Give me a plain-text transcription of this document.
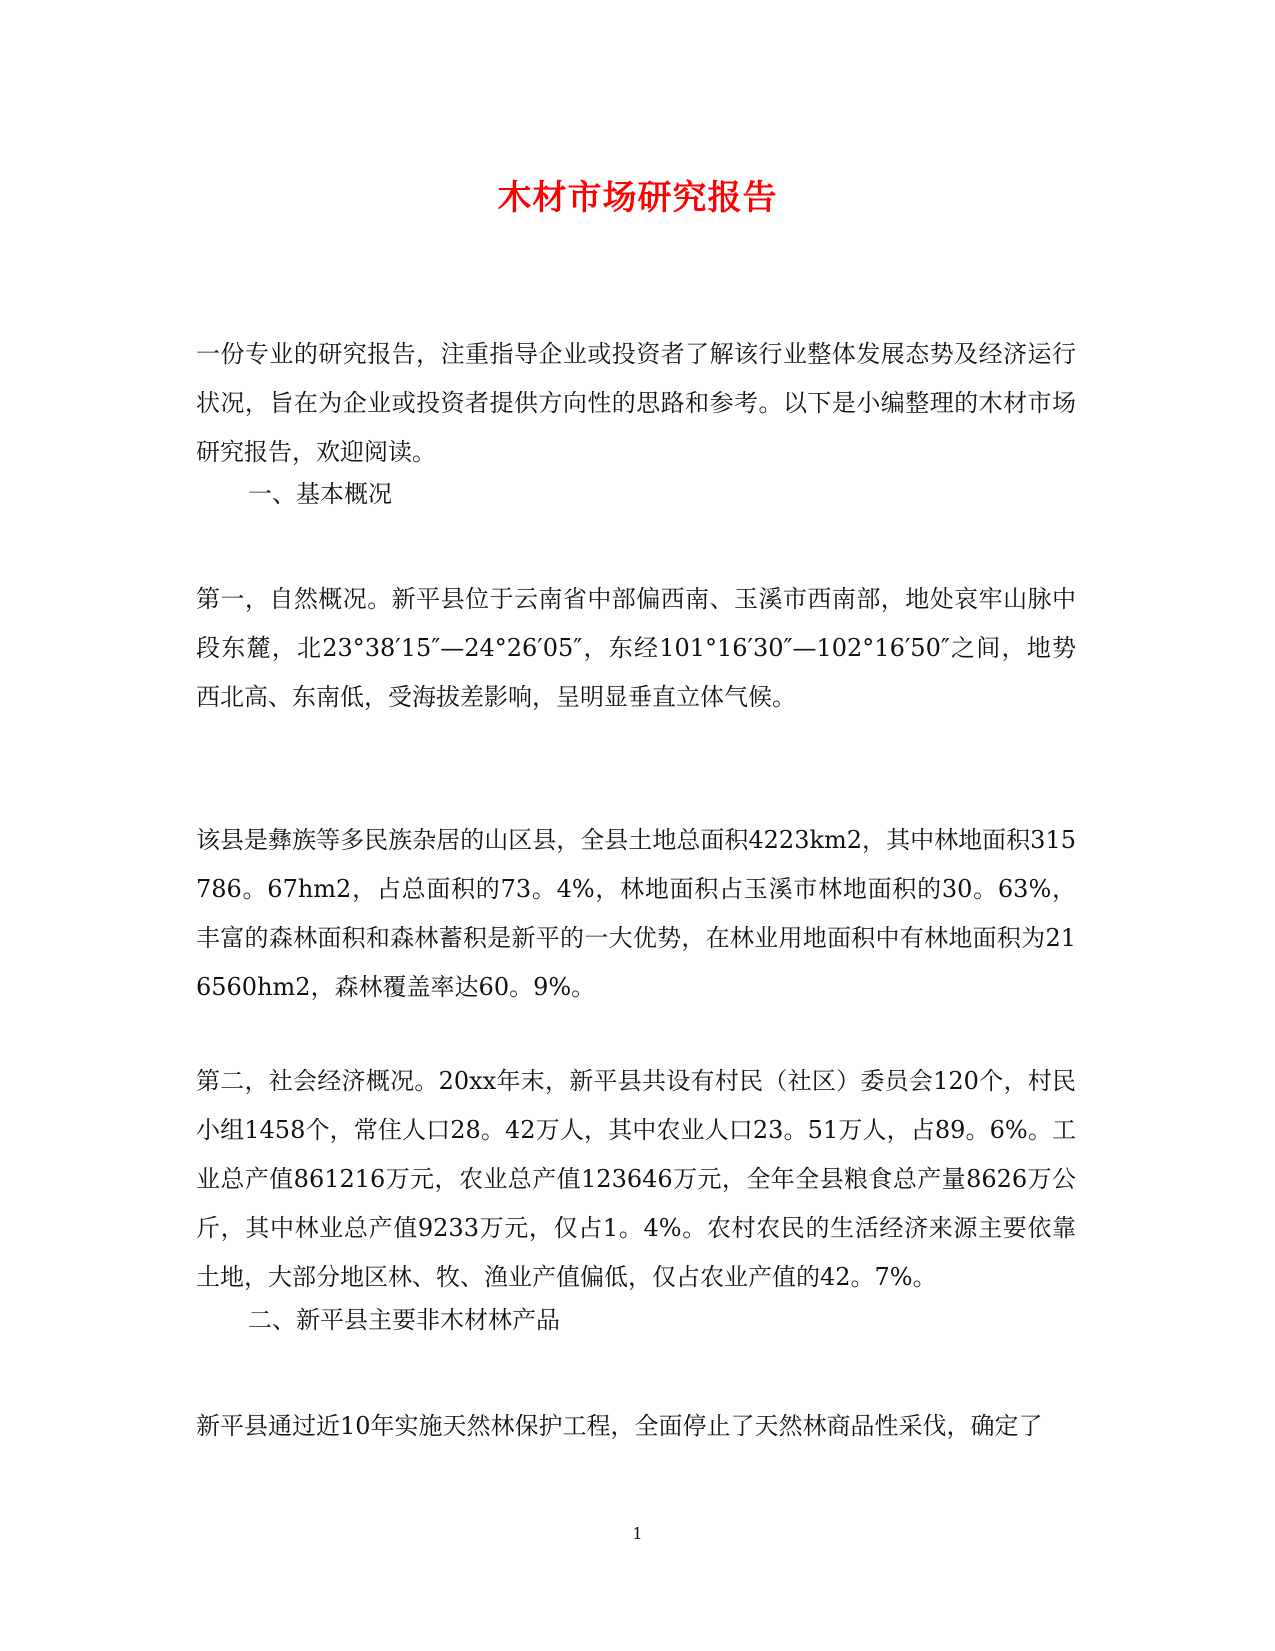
木材市场研究报告
一份专业的研究报告，注重指导企业或投资者了解该行业整体发展态势及经济运行状况，旨在为企业或投资者提供方向性的思路和参考。以下是小编整理的木材市场研究报告，欢迎阅读。
一、基本概况
第一，自然概况。新平县位于云南省中部偏西南、玉溪市西南部，地处哀牢山脉中段东麓，北23°38′15″—24°26′05″，东经101°16′30″—102°16′50″之间，地势西北高、东南低，受海拔差影响，呈明显垂直立体气候。
该县是彝族等多民族杂居的山区县，全县土地总面积4223km2，其中林地面积315786。67hm2，占总面积的73。4%，林地面积占玉溪市林地面积的30。63%，丰富的森林面积和森林蓄积是新平的一大优势，在林业用地面积中有林地面积为216560hm2，森林覆盖率达60。9%。
第二，社会经济概况。20xx年末，新平县共设有村民（社区）委员会120个，村民小组1458个，常住人口28。42万人，其中农业人口23。51万人，占89。6%。工业总产值861216万元，农业总产值123646万元，全年全县粮食总产量8626万公斤，其中林业总产值9233万元，仅占1。4%。农村农民的生活经济来源主要依靠土地，大部分地区林、牧、渔业产值偏低，仅占农业产值的42。7%。
二、新平县主要非木材林产品
新平县通过近10年实施天然林保护工程，全面停止了天然林商品性采伐，确定了
1
